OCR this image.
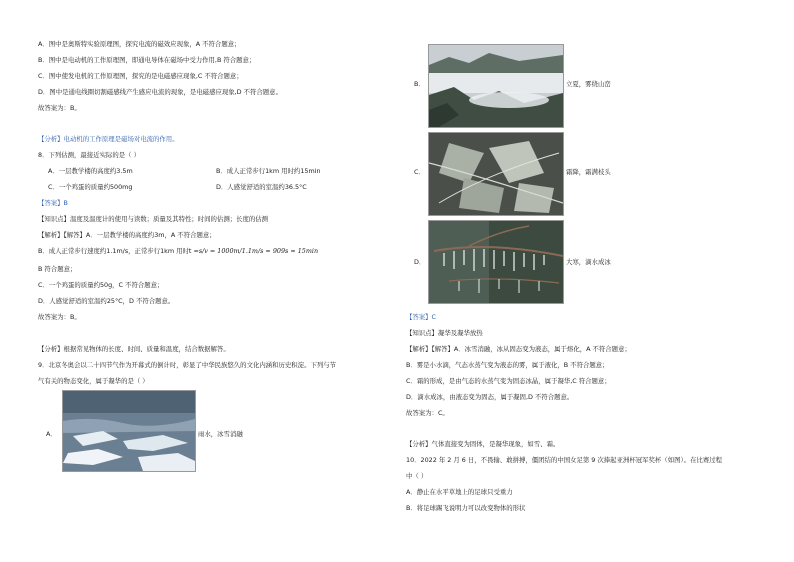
A．图中是奥斯特实验原理图，探究电流的磁效应现象，A 不符合题意；
B．图中是电动机的工作原理图，即通电导体在磁场中受力作用,B 符合题意；
C．图中使发电机的工作原理图，探究的是电磁感应现象,C 不符合题意；
D．图中是通电线圈切割磁感线产生感应电流的现象，是电磁感应现象,D 不符合题意。
故答案为：B。
【分析】电动机的工作原理是磁场对电流的作用。
8．下列估测，最接近实际的是（ ）
A．一层教学楼的高度约3.5m	B．成人正常步行1km 用时约15min
C．一个鸡蛋的质量约500mg	D．人感觉舒适的室温约36.5°C
【答案】B
【知识点】温度及温度计的使用与读数；质量及其特性；时间的估测；长度的估测
【解析】【解答】A．一层教学楼的高度约3m，A 不符合题意；
B．成人正常步行速度约1.1m/s，正常步行1km 用时t =s/v = 1000m/1.1m/s ≈ 909s ≈ 15min
B 符合题意；
C．一个鸡蛋的质量约50g，C 不符合题意；
D．人感觉舒适的室温约25°C，D 不符合题意。
故答案为：B。
【分析】根据常见物体的长度、时间、质量和温度，结合数据解答。
9．北京冬奥会以二十四节气作为开幕式的倒计时，彰显了中华民族悠久的文化内涵和历史积淀。下列与节
气有关的物态变化，属于凝华的是（ ）
A．	雨水，冰雪消融
B．	立夏，雾绕山峦
C．	霜降，霜满枝头
D．	大寒，滴水成冰
【答案】C
【知识点】凝华及凝华放热
【解析】【解答】A．冰雪消融，冰从固态变为液态，属于熔化，A 不符合题意；
B．雾是小水滴，气态水蒸气变为液态的雾，属于液化，B 不符合题意；
C．霜的形成，是由气态的水蒸气变为固态冰晶，属于凝华,C 符合题意；
D．滴水成冰，由液态变为固态，属于凝固,D 不符合题意。
故答案为：C。
【分析】气体直接变为固体，是凝华现象，如雪、霜。
10．2022 年 2 月 6 日，不畏输、敢拼搏，僵团结的中国女足第 9 次捧起亚洲杯冠军奖杯（如图）。在比赛过程
中（ ）
A．静止在水平草地上的足球只受重力
B．将足球踢飞说明力可以改变物体的形状
